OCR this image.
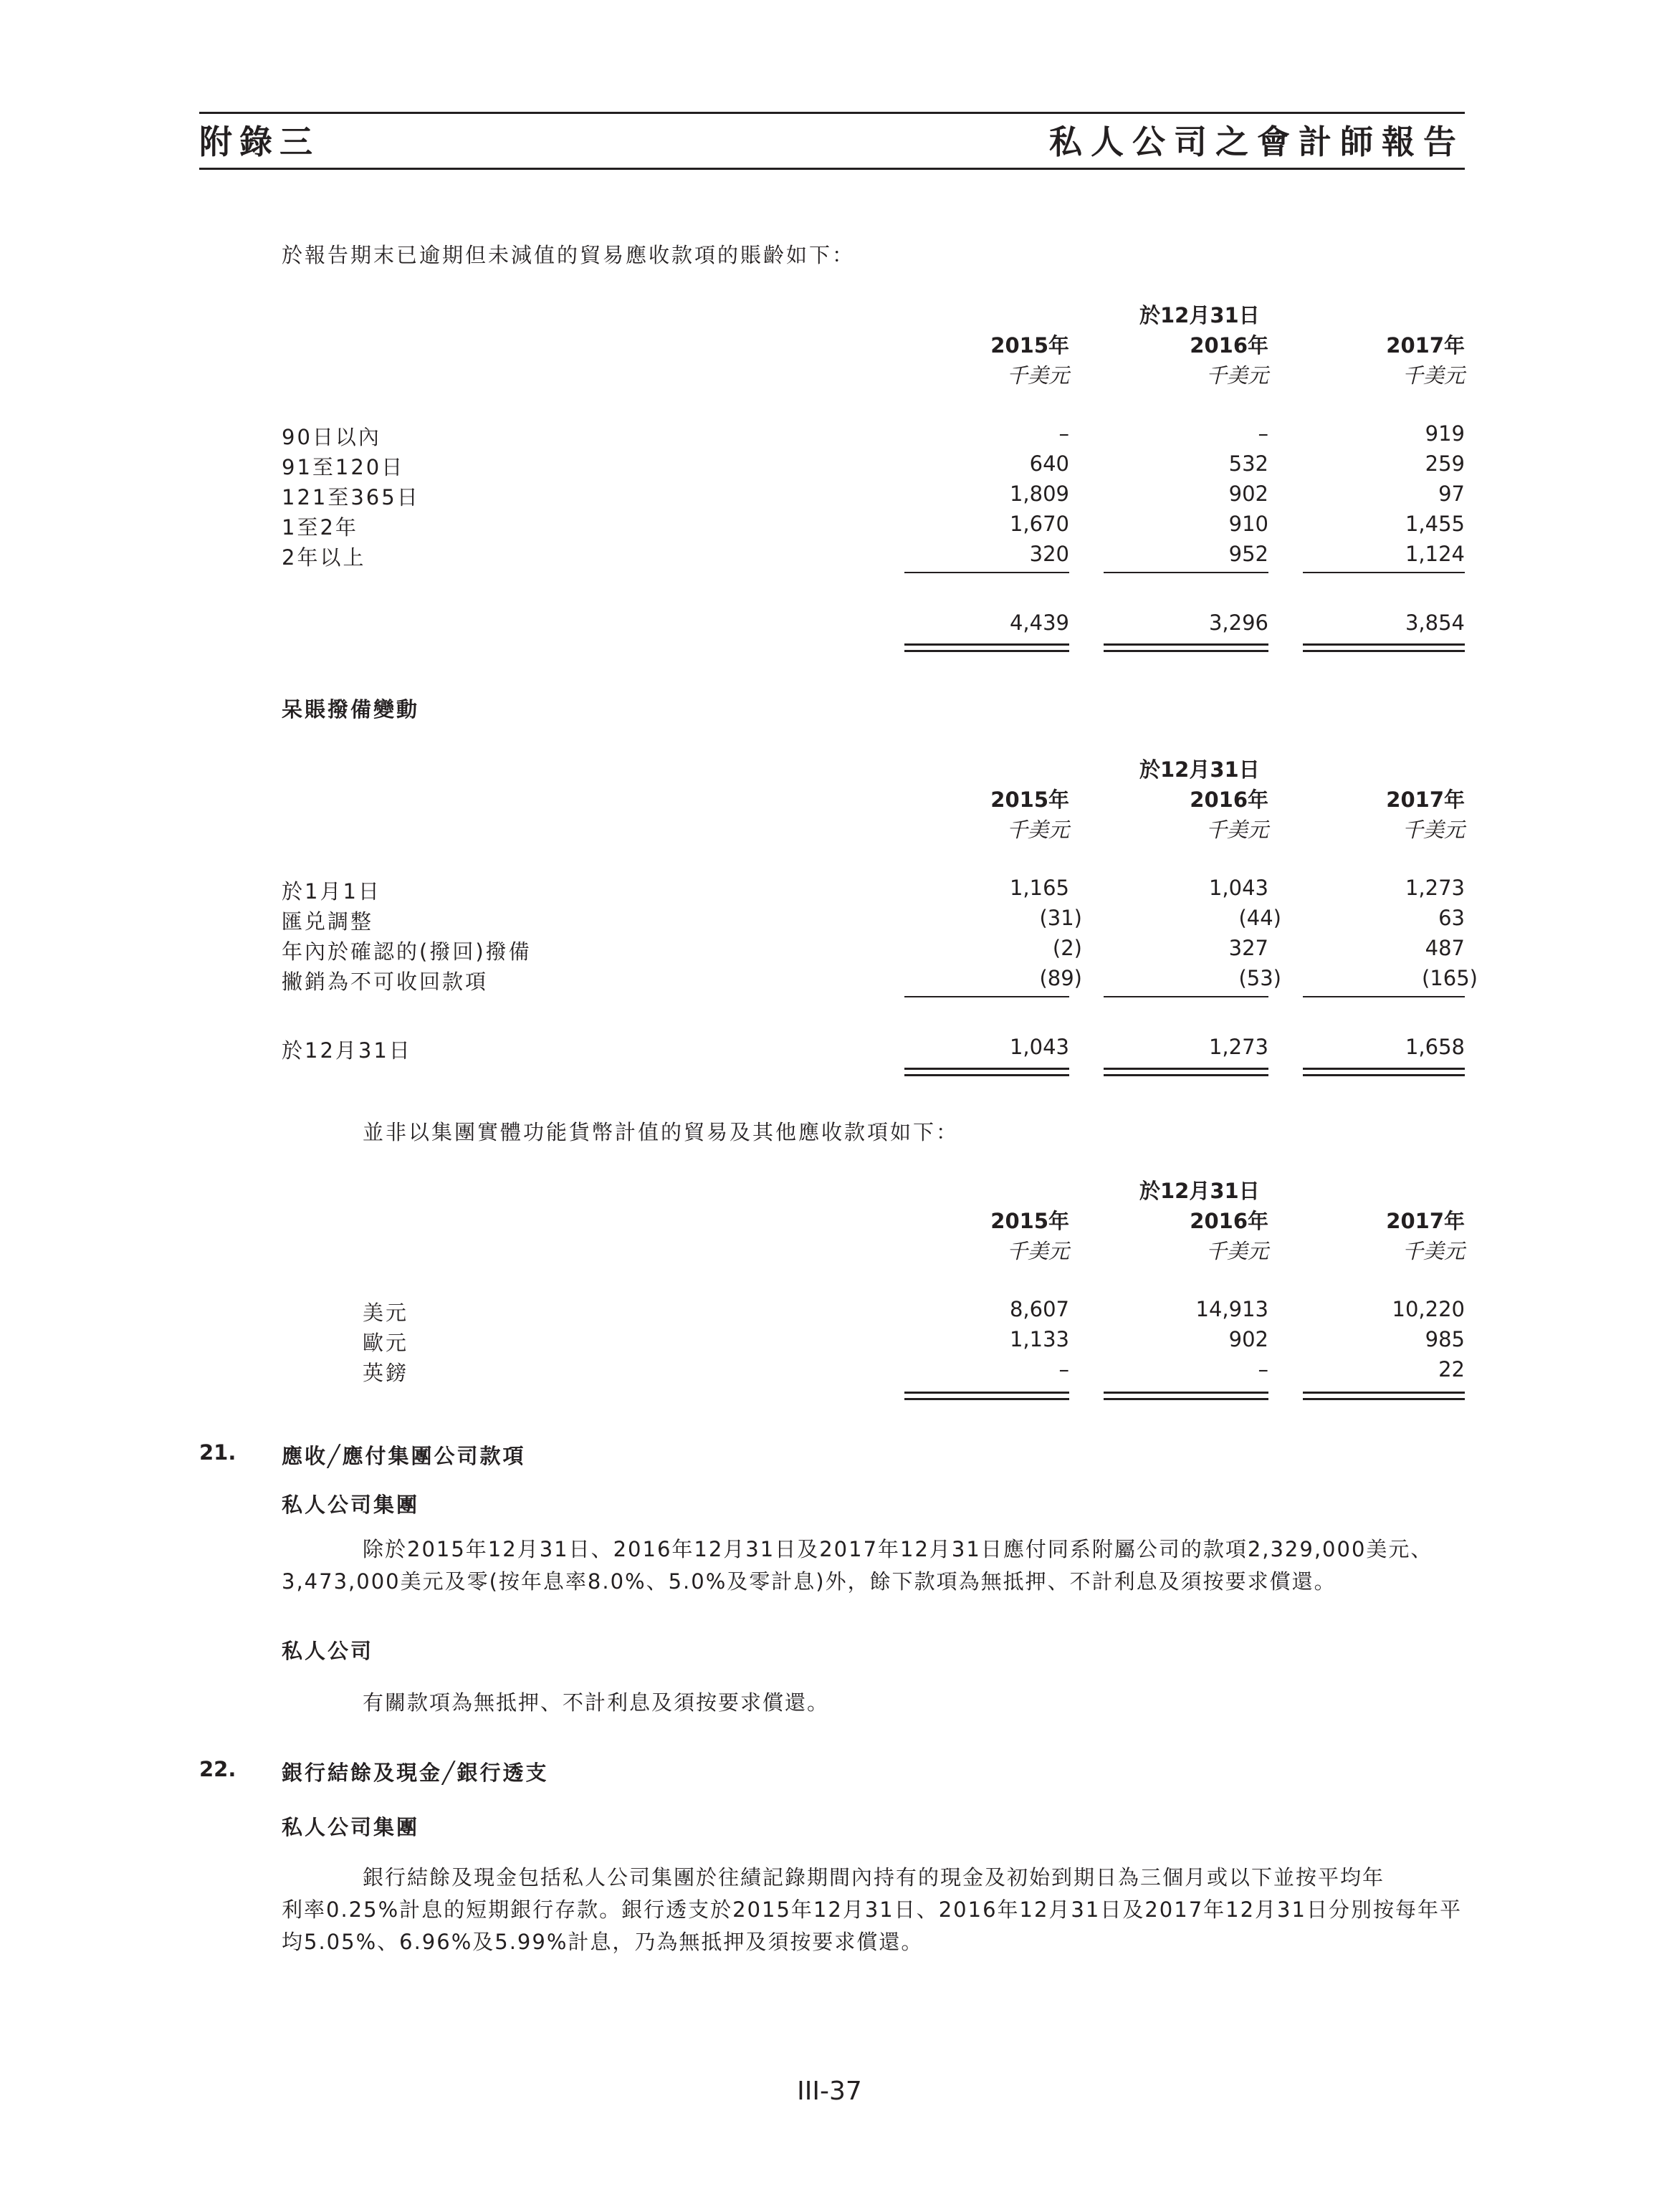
附錄三	私人公司之會計師報告
於報告期末已逾期但未減值的貿易應收款項的賬齡如下：
於12月31日
2015年	2016年	2017年
千美元	千美元	千美元
90日以內	–	–	919
91至120日	640	532	259
121至365日	1,809	902	97
1至2年	1,670	910	1,455
2年以上	320	952	1,124
4,439	3,296	3,854
呆賬撥備變動
於12月31日
2015年	2016年	2017年
千美元	千美元	千美元
於1月1日	1,165	1,043	1,273
匯兑調整	(31)	(44)	63
年內於確認的(撥回)撥備	(2)	327	487
撇銷為不可收回款項	(89)	(53)	(165)
於12月31日	1,043	1,273	1,658
並非以集團實體功能貨幣計值的貿易及其他應收款項如下：
於12月31日
2015年	2016年	2017年
千美元	千美元	千美元
美元	8,607	14,913	10,220
歐元	1,133	902	985
英鎊	–	–	22
21. 應收╱應付集團公司款項
私人公司集團
除於2015年12月31日、2016年12月31日及2017年12月31日應付同系附屬公司的款項2,329,000美元、
3,473,000美元及零(按年息率8.0%、5.0%及零計息)外，餘下款項為無抵押、不計利息及須按要求償還。
私人公司
有關款項為無抵押、不計利息及須按要求償還。
22. 銀行結餘及現金╱銀行透支
私人公司集團
銀行結餘及現金包括私人公司集團於往績記錄期間內持有的現金及初始到期日為三個月或以下並按平均年
利率0.25%計息的短期銀行存款。銀行透支於2015年12月31日、2016年12月31日及2017年12月31日分別按每年平
均5.05%、6.96%及5.99%計息，乃為無抵押及須按要求償還。
III-37
